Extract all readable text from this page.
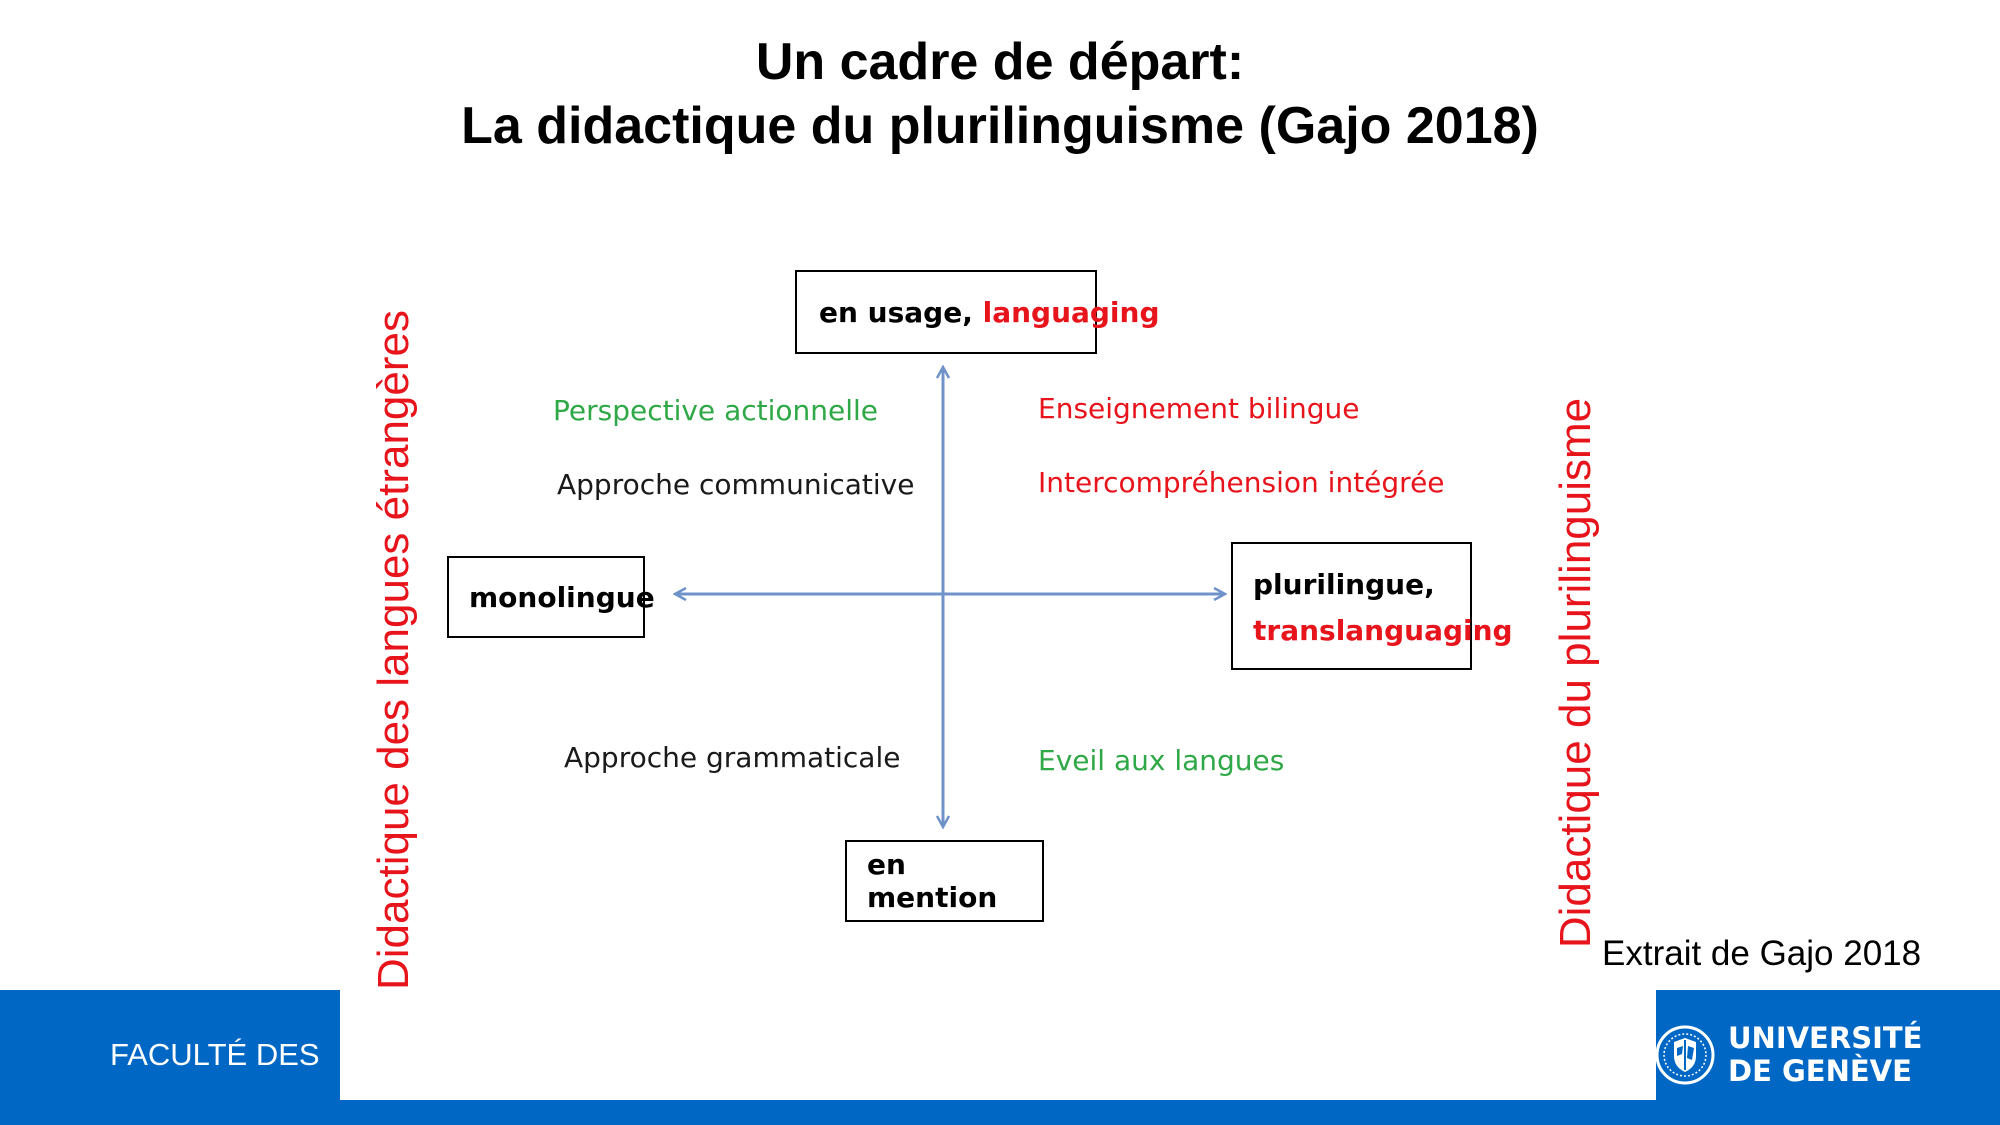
Un cadre de départ:
La didactique du plurilinguisme (Gajo 2018)
Didactique des langues étrangères	Didactique du plurilinguisme
en usage, languaging
monolingue	plurilingue,
translanguaging
en mention
Perspective actionnelle
Approche communicative
Enseignement bilingue
Intercompréhension intégrée
Approche grammaticale	Eveil aux langues
Extrait de Gajo 2018
FACULTÉ DES	UNIVERSITÉ
DE GENÈVE
